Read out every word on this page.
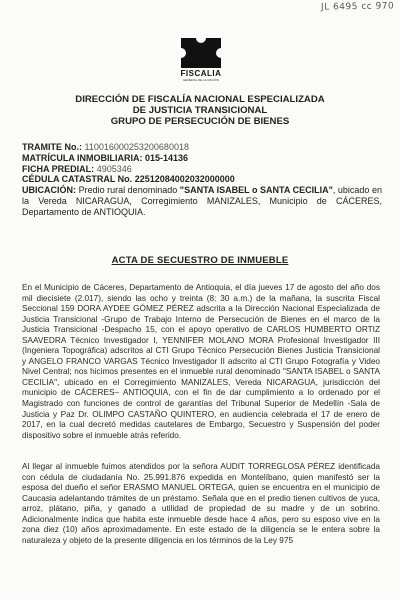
JL 6495 cc 970
FISCALIA
GENERAL DE LA NACIÓN
DIRECCIÓN DE FISCALÍA NACIONAL ESPECIALIZADA
DE JUSTICIA TRANSICIONAL
GRUPO DE PERSECUCIÓN DE BIENES
TRAMITE No.: 110016000253200680018
MATRÍCULA INMOBILIARIA: 015-14136
FICHA PREDIAL: 4905346
CÉDULA CATASTRAL No. 22512084002032000000
UBICACIÓN: Predio rural denominado "SANTA ISABEL o SANTA CECILIA", ubicado en la Vereda NICARAGUA, Corregimiento MANIZALES, Municipio de CÁCERES, Departamento de ANTIOQUIA.
ACTA DE SECUESTRO DE INMUEBLE
En el Municipio de Cáceres, Departamento de Antioquia, el día jueves 17 de agosto del año dos mil diecisiete (2.017), siendo las ocho y treinta (8: 30 a.m.) de la mañana, la suscrita Fiscal Seccional 159 DORA AYDEE GÓMEZ PÉREZ adscrita a la Dirección Nacional Especializada de Justicia Transicional -Grupo de Trabajo Interno de Persecución de Bienes en el marco de la Justicia Transicional -Despacho 15, con el apoyo operativo de CARLOS HUMBERTO ORTIZ SAAVEDRA Técnico Investigador I, YENNIFER MOLANO MORA Profesional Investigador III (Ingeniera Topográfica) adscritos al CTI Grupo Técnico Persecución Bienes Justicia Transicional y ANGELO FRANCO VARGAS Técnico Investigador II adscrito al CTI Grupo Fotografía y Video Nivel Central; nos hicimos presentes en el inmueble rural denominado "SANTA ISABEL o SANTA CECILIA", ubicado en el Corregimiento MANIZALES, Vereda NICARAGUA, jurisdicción del municipio de CÁCERES– ANTIOQUIA, con el fin de dar cumplimiento a lo ordenado por el Magistrado con funciones de control de garantías del Tribunal Superior de Medellín -Sala de Justicia y Paz Dr. OLIMPO CASTAÑO QUINTERO, en audiencia celebrada el 17 de enero de 2017, en la cual decretó medidas cautelares de Embargo, Secuestro y Suspensión del poder dispositivo sobre el inmueble atrás referido.
Al llegar al inmueble fuimos atendidos por la señora AUDIT TORREGLOSA PÉREZ identificada con cédula de ciudadanía No. 25.991.876 expedida en Montelíbano, quien manifestó ser la esposa del dueño el señor ERASMO MANUEL ORTEGA, quien se encuentra en el municipio de Caucasia adelantando trámites de un préstamo. Señala que en el predio tienen cultivos de yuca, arroz, plátano, piña, y ganado a utilidad de propiedad de su madre y de un sobrino. Adicionalmente indica que habita este inmueble desde hace 4 años, pero su esposo vive en la zona diez (10) años aproximadamente. En este estado de la diligencia se le entera sobre la naturaleza y objeto de la presente diligencia en los términos de la Ley 975
